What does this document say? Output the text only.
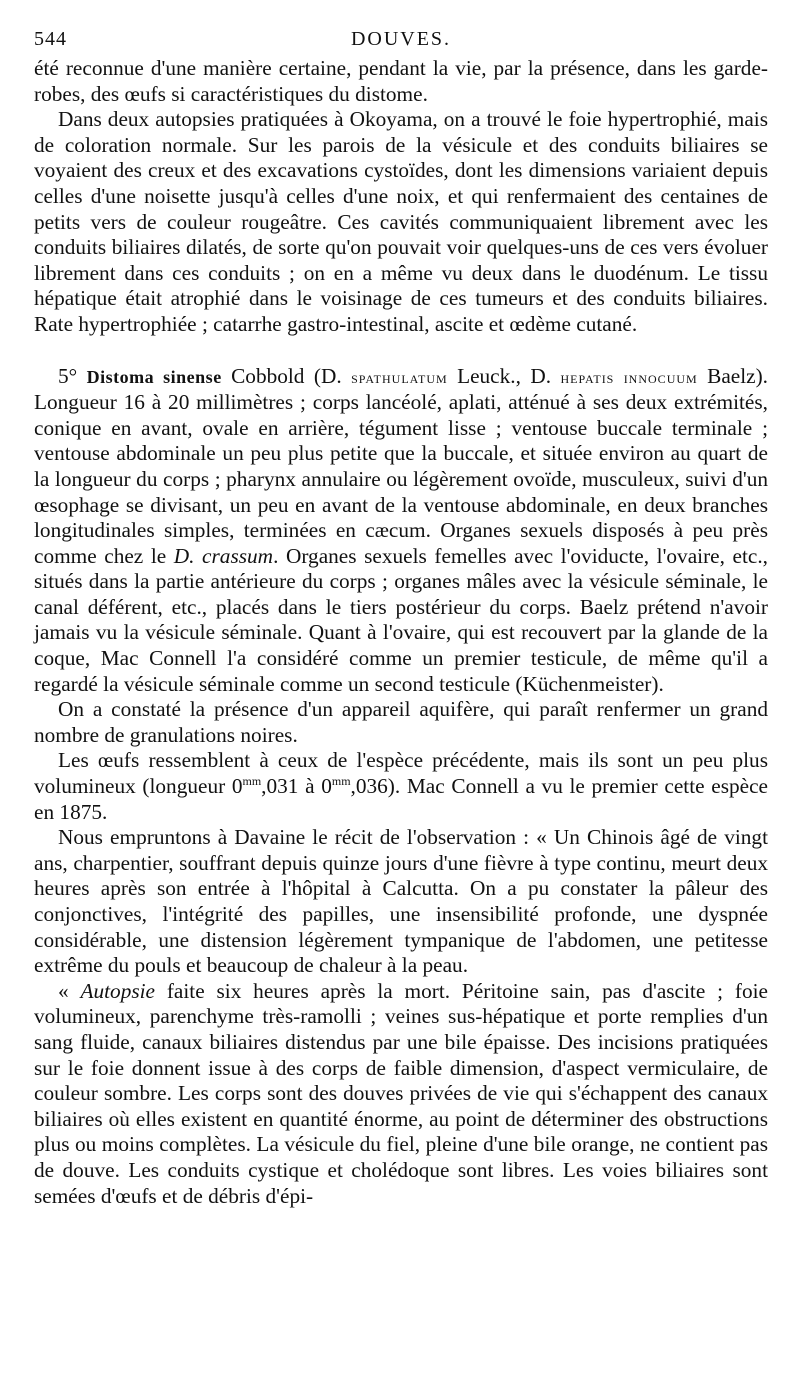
544	DOUVES.

été reconnue d'une manière certaine, pendant la vie, par la présence, dans les garde-robes, des œufs si caractéristiques du distome.

Dans deux autopsies pratiquées à Okoyama, on a trouvé le foie hypertrophié, mais de coloration normale. Sur les parois de la vésicule et des conduits biliaires se voyaient des creux et des excavations cystoïdes, dont les dimensions variaient depuis celles d'une noisette jusqu'à celles d'une noix, et qui renfermaient des centaines de petits vers de couleur rougeâtre. Ces cavités communiquaient librement avec les conduits biliaires dilatés, de sorte qu'on pouvait voir quelques-uns de ces vers évoluer librement dans ces conduits ; on en a même vu deux dans le duodénum. Le tissu hépatique était atrophié dans le voisinage de ces tumeurs et des conduits biliaires. Rate hypertrophiée ; catarrhe gastro-intestinal, ascite et œdème cutané.

5° Distoma sinense Cobbold (D. spathulatum Leuck., D. hepatis innocuum Baelz). Longueur 16 à 20 millimètres ; corps lancéolé, aplati, atténué à ses deux extrémités, conique en avant, ovale en arrière, tégument lisse ; ventouse buccale terminale ; ventouse abdominale un peu plus petite que la buccale, et située environ au quart de la longueur du corps ; pharynx annulaire ou légèrement ovoïde, musculeux, suivi d'un œsophage se divisant, un peu en avant de la ventouse abdominale, en deux branches longitudinales simples, terminées en cæcum. Organes sexuels disposés à peu près comme chez le D. crassum. Organes sexuels femelles avec l'oviducte, l'ovaire, etc., situés dans la partie antérieure du corps ; organes mâles avec la vésicule séminale, le canal déférent, etc., placés dans le tiers postérieur du corps. Baelz prétend n'avoir jamais vu la vésicule séminale. Quant à l'ovaire, qui est recouvert par la glande de la coque, Mac Connell l'a considéré comme un premier testicule, de même qu'il a regardé la vésicule séminale comme un second testicule (Küchenmeister).

On a constaté la présence d'un appareil aquifère, qui paraît renfermer un grand nombre de granulations noires.

Les œufs ressemblent à ceux de l'espèce précédente, mais ils sont un peu plus volumineux (longueur $0^{mm},031$ à $0^{mm},036$). Mac Connell a vu le premier cette espèce en 1875.

Nous empruntons à Davaine le récit de l'observation : « Un Chinois âgé de vingt ans, charpentier, souffrant depuis quinze jours d'une fièvre à type continu, meurt deux heures après son entrée à l'hôpital à Calcutta. On a pu constater la pâleur des conjonctives, l'intégrité des papilles, une insensibilité profonde, une dyspnée considérable, une distension légèrement tympanique de l'abdomen, une petitesse extrême du pouls et beaucoup de chaleur à la peau.

« Autopsie faite six heures après la mort. Péritoine sain, pas d'ascite ; foie volumineux, parenchyme très-ramolli ; veines sus-hépatique et porte remplies d'un sang fluide, canaux biliaires distendus par une bile épaisse. Des incisions pratiquées sur le foie donnent issue à des corps de faible dimension, d'aspect vermiculaire, de couleur sombre. Les corps sont des douves privées de vie qui s'échappent des canaux biliaires où elles existent en quantité énorme, au point de déterminer des obstructions plus ou moins complètes. La vésicule du fiel, pleine d'une bile orange, ne contient pas de douve. Les conduits cystique et cholédoque sont libres. Les voies biliaires sont semées d'œufs et de débris d'épi-
